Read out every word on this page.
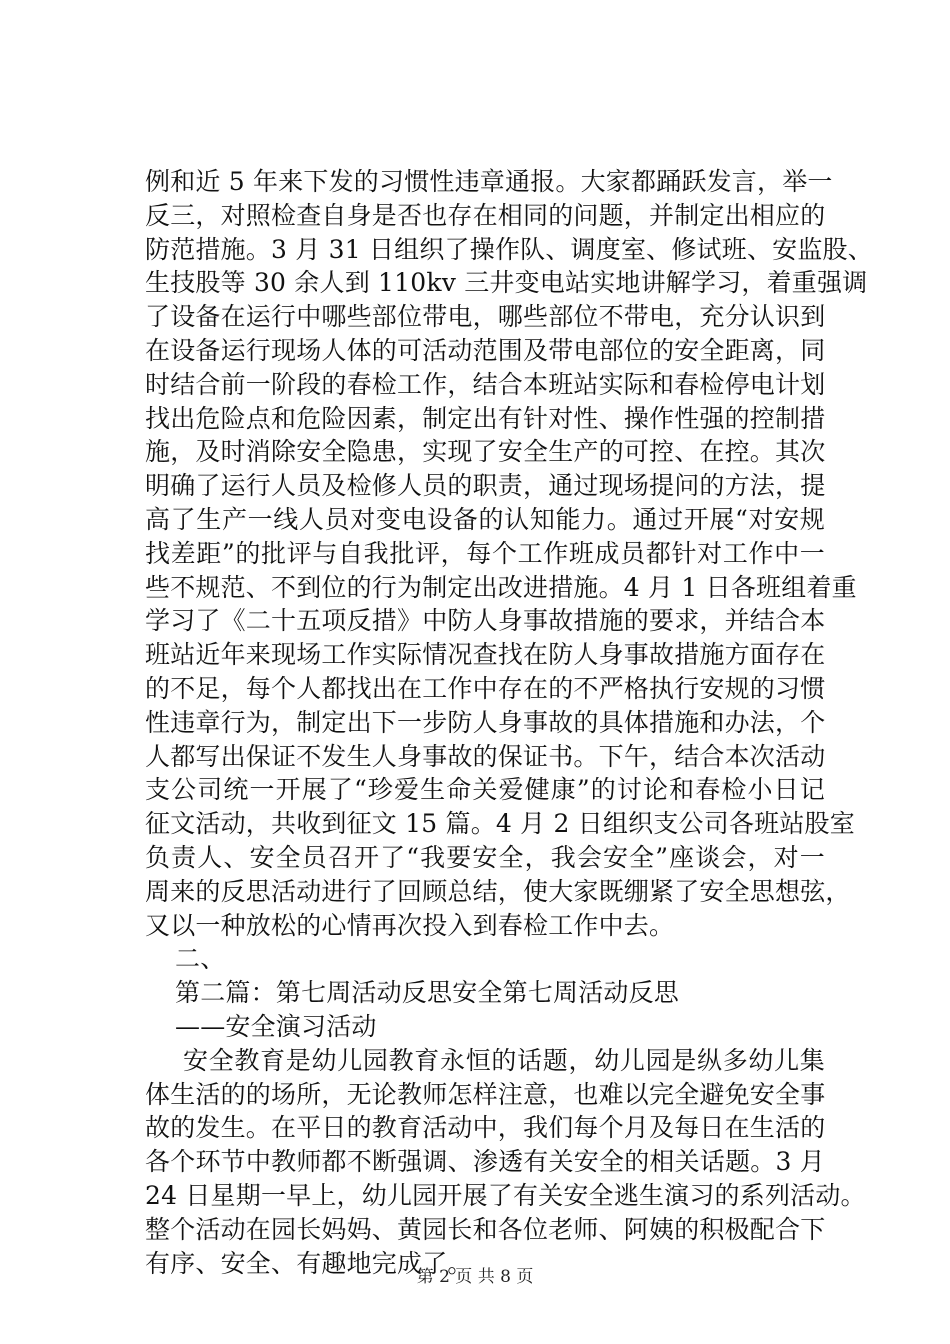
例和近 5 年来下发的习惯性违章通报。大家都踊跃发言，举一
反三，对照检查自身是否也存在相同的问题，并制定出相应的
防范措施。3 月 31 日组织了操作队、调度室、修试班、安监股、
生技股等 30 余人到 110kv 三井变电站实地讲解学习，着重强调
了设备在运行中哪些部位带电，哪些部位不带电，充分认识到
在设备运行现场人体的可活动范围及带电部位的安全距离，同
时结合前一阶段的春检工作，结合本班站实际和春检停电计划
找出危险点和危险因素，制定出有针对性、操作性强的控制措
施，及时消除安全隐患，实现了安全生产的可控、在控。其次
明确了运行人员及检修人员的职责，通过现场提问的方法，提
高了生产一线人员对变电设备的认知能力。通过开展“对安规
找差距”的批评与自我批评，每个工作班成员都针对工作中一
些不规范、不到位的行为制定出改进措施。4 月 1 日各班组着重
学习了《二十五项反措》中防人身事故措施的要求，并结合本
班站近年来现场工作实际情况查找在防人身事故措施方面存在
的不足，每个人都找出在工作中存在的不严格执行安规的习惯
性违章行为，制定出下一步防人身事故的具体措施和办法，个
人都写出保证不发生人身事故的保证书。下午，结合本次活动
支公司统一开展了“珍爱生命关爱健康”的讨论和春检小日记
征文活动，共收到征文 15 篇。4 月 2 日组织支公司各班站股室
负责人、安全员召开了“我要安全，我会安全”座谈会，对一
周来的反思活动进行了回顾总结，使大家既绷紧了安全思想弦，
又以一种放松的心情再次投入到春检工作中去。
二、
第二篇：第七周活动反思安全第七周活动反思
——安全演习活动
安全教育是幼儿园教育永恒的话题，幼儿园是纵多幼儿集
体生活的的场所，无论教师怎样注意，也难以完全避免安全事
故的发生。在平日的教育活动中，我们每个月及每日在生活的
各个环节中教师都不断强调、渗透有关安全的相关话题。3 月
24 日星期一早上，幼儿园开展了有关安全逃生演习的系列活动。
整个活动在园长妈妈、黄园长和各位老师、阿姨的积极配合下
有序、安全、有趣地完成了。
第 2 页 共 8 页
